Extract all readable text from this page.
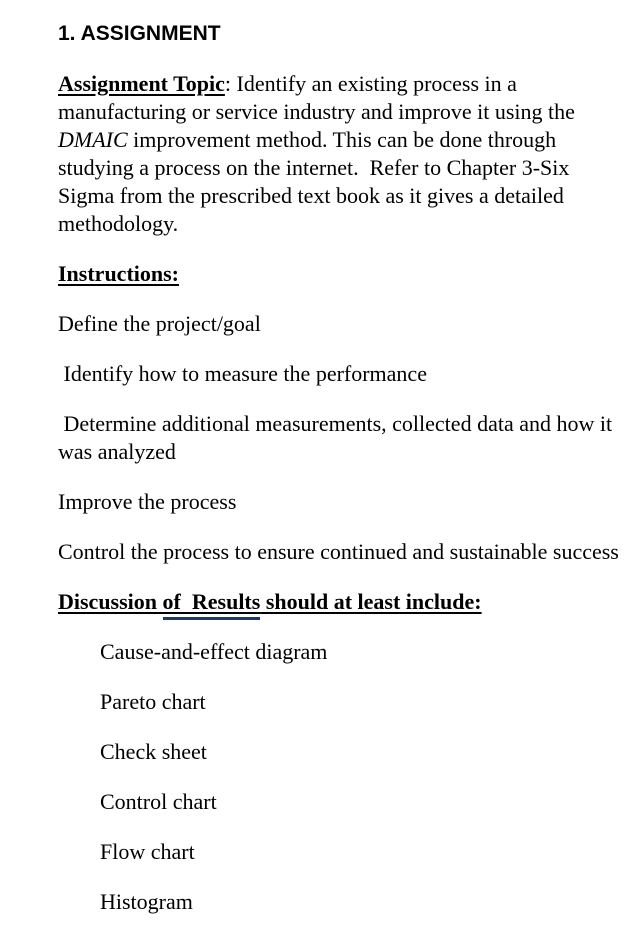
1. ASSIGNMENT
Assignment Topic: Identify an existing process in a
manufacturing or service industry and improve it using the
DMAIC improvement method. This can be done through
studying a process on the internet.  Refer to Chapter 3-Six
Sigma from the prescribed text book as it gives a detailed
methodology.
Instructions:
Define the project/goal
Identify how to measure the performance
Determine additional measurements, collected data and how it
was analyzed
Improve the process
Control the process to ensure continued and sustainable success
Discussion of  Results should at least include:
Cause-and-effect diagram
Pareto chart
Check sheet
Control chart
Flow chart
Histogram
